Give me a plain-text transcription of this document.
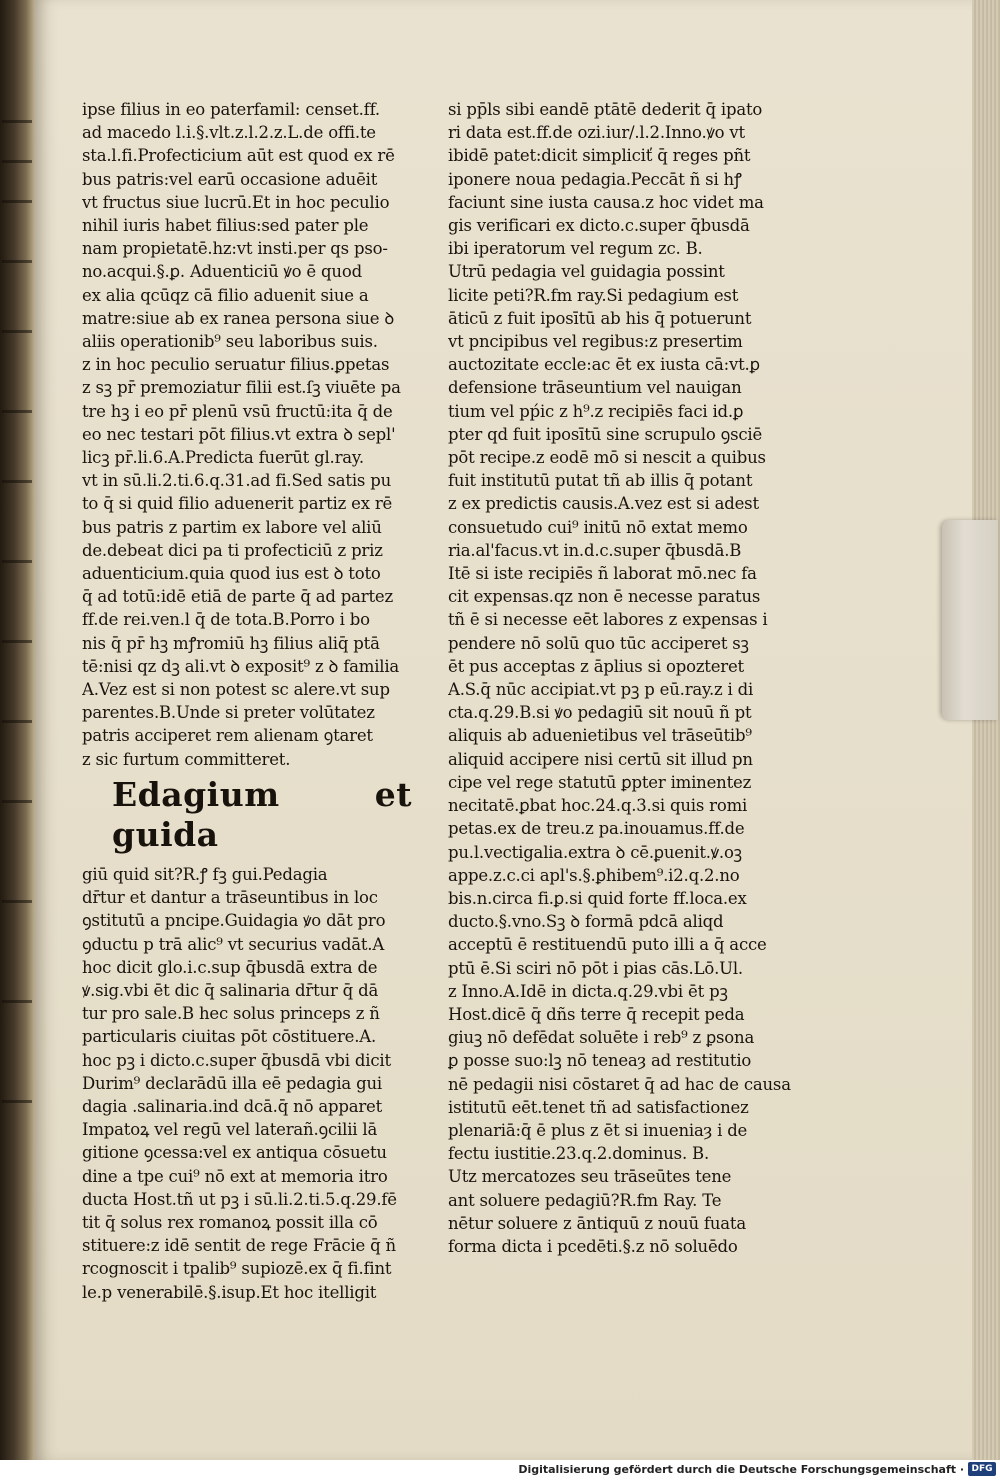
ipse filius in eo paterfamil: censet.ff.
ad macedo l.i.§.vlt.z.l.2.z.L.de offi.te
sta.l.fi.Profecticium aūt est quod ex rē
bus patris:vel earū occasione aduēit
vt fructus siue lucrū.Et in hoc peculio
nihil iuris habet filius:sed pater ple
nam propietatē.hz:vt insti.per qs pso-
no.acqui.§.ꝑ. Aduenticiū ꝟo ē quod
ex alia qcūqz cā filio aduenit siue a
matre:siue ab ex ranea persona siue ꝺ
aliis operationib⁹ seu laboribus suis.
z in hoc peculio seruatur filius.ꝑpetas
z sꝫ pr̄ premoziatur filii est.ſꝫ viuēte pa
tre hꝫ i eo pr̄ plenū vsū fructū:ita q̄ de
eo nec testari pōt filius.vt extra ꝺ sepl'
licꝫ pr̄.li.6.A.Predicta fuerūt gl.ray.
vt in sū.li.2.ti.6.q.31.ad fi.Sed satis pu
to q̄ si quid filio aduenerit partiz ex rē
bus patris z partim ex labore vel aliū
de.debeat dici pa ti profecticiū z priz
aduenticium.quia quod ius est ꝺ toto
q̄ ad totū:idē etiā de parte q̄ ad partez
ff.de rei.ven.l q̄ de tota.B.Porro i bo
nis q̄ pr̄ hꝫ mꝭromiū hꝫ filius aliq̄ ptā
tē:nisi qz dꝫ ali.vt ꝺ exposit⁹ z ꝺ familia
A.Vez est si non potest sc alere.vt sup
parentes.B.Unde si preter volūtatez
patris acciperet rem alienam ꝯtaret
z sic furtum committeret.
Edagium et guida
giū quid sit?R.ꝭ fꝫ gui.Pedagia
dr̄tur et dantur a trāseuntibus in loc
ꝯstitutū a pncipe.Guidagia ꝟo dāt pro
ꝯductu p trā alic⁹ vt securius vadāt.A
hoc dicit glo.i.c.sup q̄busdā extra de
ꝟ.sig.vbi ēt dic q̄ salinaria dr̄tur q̄ dā
tur pro sale.B hec solus princeps z ñ
particularis ciuitas pōt cōstituere.A.
hoc pꝫ i dicto.c.super q̄busdā vbi dicit
Durim⁹ declarādū illa eē pedagia gui
dagia .salinaria.ind dcā.q̄ nō apparet
Impatoꝝ vel regū vel laterañ.ꝯcilii lā
gitione ꝯcessa:vel ex antiqua cōsuetu
dine a tpe cui⁹ nō ext at memoria itro
ducta Host.tñ ut pꝫ i sū.li.2.ti.5.q.29.fē
tit q̄ solus rex romanoꝝ possit illa cō
stituere:z idē sentit de rege Frācie q̄ ñ
rcognoscit i tpalib⁹ supiozē.ex q̄ fi.fint
le.p venerabilē.§.isup.Et hoc itelligit
si pp̄ls sibi eandē ptātē dederit q̄ ipato
ri data est.ff.de ozi.iur/.l.2.Inno.ꝟo vt
ibidē patet:dicit simpliciť q̄ reges pñt
iponere noua pedagia.Peccāt ñ si hꝭ
faciunt sine iusta causa.z hoc videt ma
gis verificari ex dicto.c.super q̄busdā
ibi iperatorum vel regum zc. B.
Utrū pedagia vel guidagia possint
licite peti?R.fm ray.Si pedagium est
āticū z fuit iposītū ab his q̄ potuerunt
vt pncipibus vel regibus:z presertim
auctozitate eccle:ac ēt ex iusta cā:vt.ꝑ
defensione trāseuntium vel nauigan
tium vel pṕic z h⁹.z recipiēs faci id.ꝑ
pter qd fuit iposītū sine scrupulo ꝯsciē
pōt recipe.z eodē mō si nescit a quibus
fuit institutū putat tñ ab illis q̄ potant
z ex predictis causis.A.vez est si adest
consuetudo cui⁹ initū nō extat memo
ria.al'facus.vt in.d.c.super q̄busdā.B
Itē si iste recipiēs ñ laborat mō.nec fa
cit expensas.qz non ē necesse paratus
tñ ē si necesse eēt labores z expensas i
pendere nō solū quo tūc acciperet sꝫ
ēt pus acceptas z āplius si opozteret
A.S.q̄ nūc accipiat.vt pꝫ p eū.ray.z i di
cta.q.29.B.si ꝟo pedagiū sit nouū ñ pt
aliquis ab aduenietibus vel trāseūtib⁹
aliquid accipere nisi certū sit illud pn
cipe vel rege statutū ꝑpter iminentez
necitatē.ꝑbat hoc.24.q.3.si quis romi
petas.ex de treu.z pa.inouamus.ff.de
pu.l.vectigalia.extra ꝺ cē.ꝑuenit.ꝟ.oꝫ
appe.z.c.ci apl's.§.ꝑhibem⁹.i2.q.2.no
bis.n.circa fi.ꝑ.si quid forte ff.loca.ex
ducto.§.vno.Sꝫ ꝺ formā pdcā aliqd
acceptū ē restituendū puto illi a q̄ acce
ptū ē.Si sciri nō pōt i pias cās.Lō.Ul.
z Inno.A.Idē in dicta.q.29.vbi ēt pꝫ
Host.dicē q̄ dñs terre q̄ recepit peda
giuꝫ nō defēdat soluēte i reb⁹ z ꝑsona
ꝑ posse suo:lꝫ nō teneaȝ ad restitutio
nē pedagii nisi cōstaret q̄ ad hac de causa
istitutū eēt.tenet tñ ad satisfactionez
plenariā:q̄ ē plus z ēt si inueniaȝ i de
fectu iustitie.23.q.2.dominus. B.
Utz mercatozes seu trāseūtes tene
ant soluere pedagiū?R.fm Ray. Te
nētur soluere z āntiquū z nouū fuata
forma dicta i pcedēti.§.z nō soluēdo
Digitalisierung gefördert durch die Deutsche Forschungsgemeinschaft · DFG
